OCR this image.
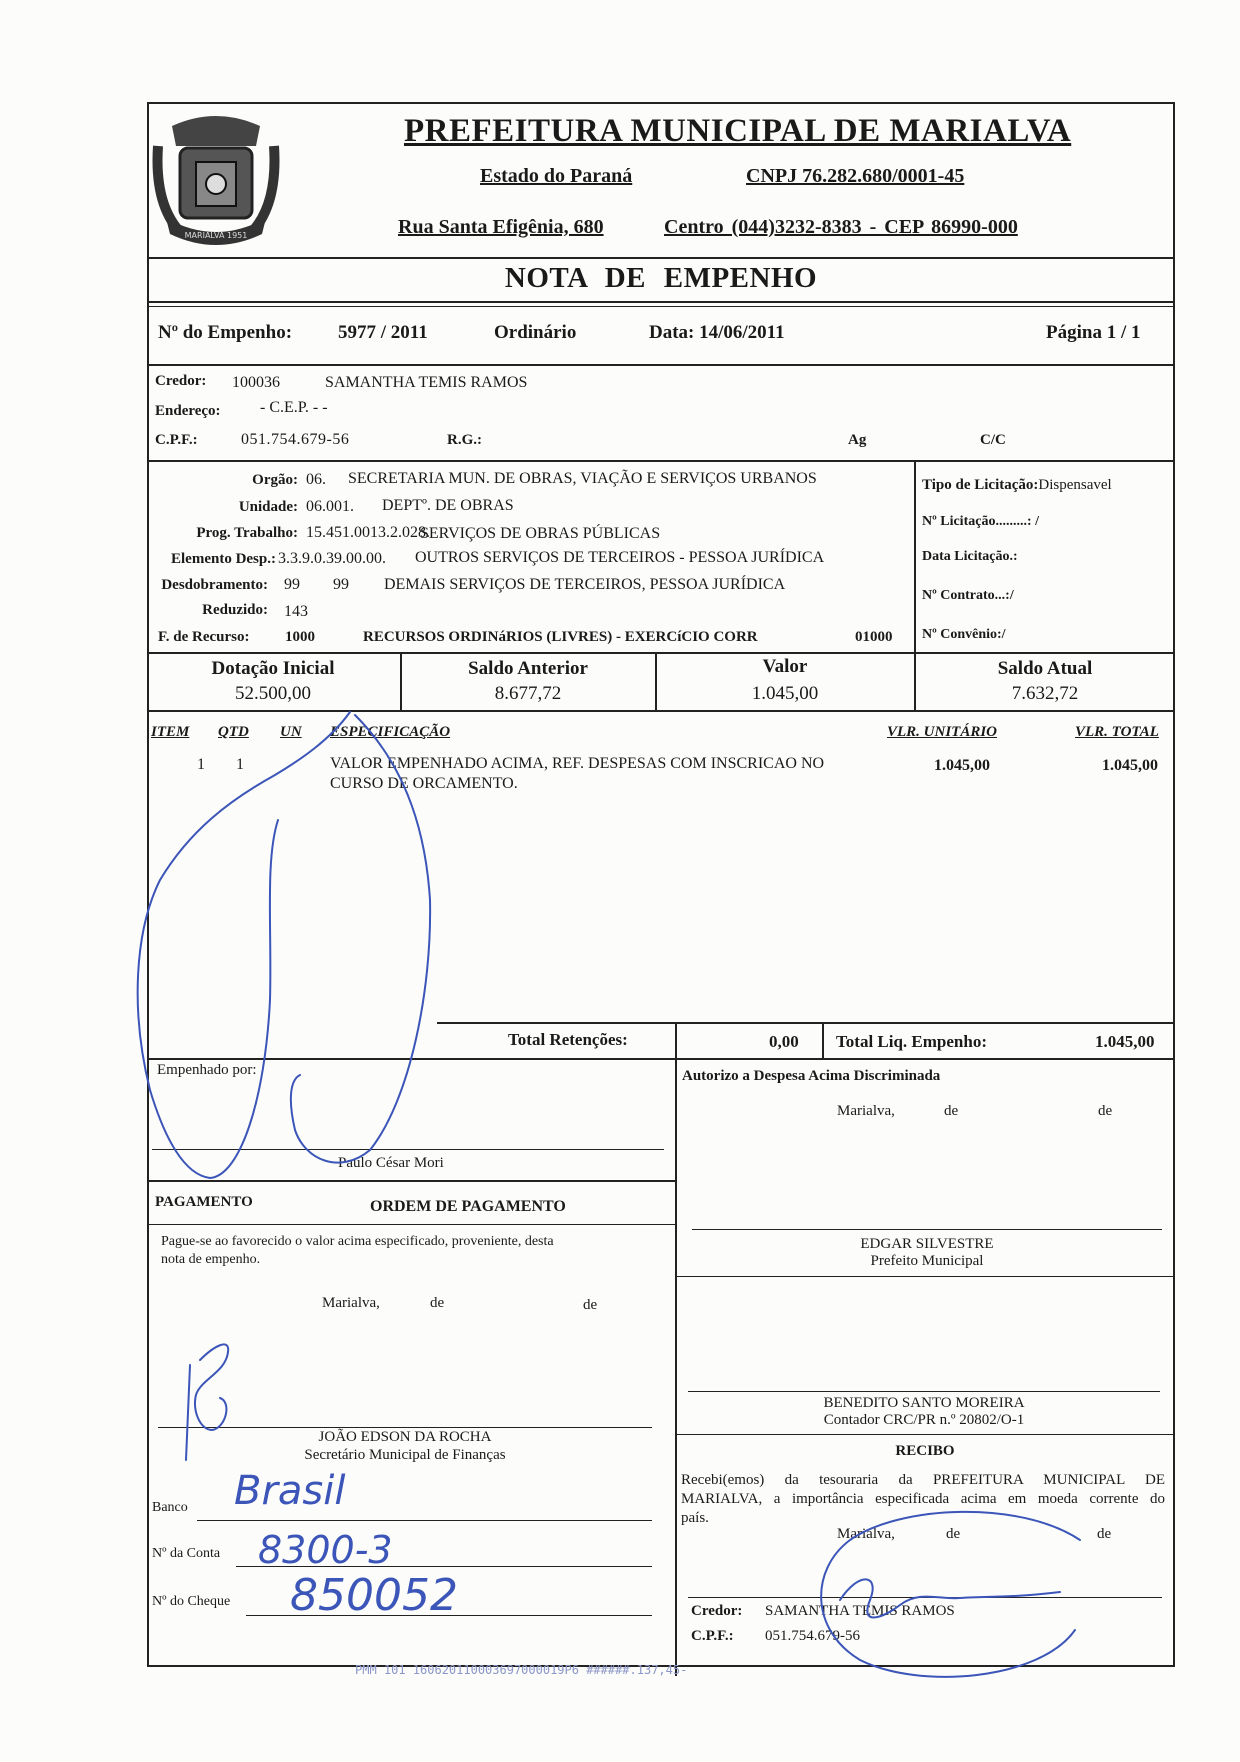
MARIALVA 1951
PREFEITURA MUNICIPAL DE MARIALVA
Estado do Paraná	CNPJ 76.282.680/0001-45
Rua Santa Efigênia, 680	Centro (044)3232-8383 - CEP 86990-000
NOTA DE EMPENHO
Nº do Empenho: 5977 / 2011	Ordinário	Data: 14/06/2011	Página 1 / 1
Credor: 100036	SAMANTHA TEMIS RAMOS
Endereço: - C.E.P. - -
C.P.F.:	051.754.679-56	R.G.:	Ag	C/C
Orgão: 06. SECRETARIA MUN. DE OBRAS, VIAÇÃO E SERVIÇOS URBANOS
Unidade: 06.001. DEPTº. DE OBRAS
Prog. Trabalho: 15.451.0013.2.028.
SERVIÇOS DE OBRAS PÚBLICAS
Elemento Desp.: 3.3.9.0.39.00.00. OUTROS SERVIÇOS DE TERCEIROS - PESSOA JURÍDICA
Desdobramento: 99 99 DEMAIS SERVIÇOS DE TERCEIROS, PESSOA JURÍDICA
Reduzido: 143
F. de Recurso: 1000	RECURSOS ORDINáRIOS (LIVRES) - EXERCíCIO CORR	01000
Tipo de Licitação:Dispensavel
Nº Licitação.........: /
Data Licitação.:
Nº Contrato...:/
Nº Convênio:/
Dotação Inicial
52.500,00
Saldo Anterior
8.677,72
Valor
1.045,00
Saldo Atual
7.632,72
ITEM QTD UN ESPECIFICAÇÃO	VLR. UNITÁRIO	VLR. TOTAL
1 1	VALOR EMPENHADO ACIMA, REF. DESPESAS COM INSCRICAO NO
CURSO DE ORCAMENTO.
1.045,00	1.045,00
Total Retenções:	0,00 Total Liq. Empenho:	1.045,00
Empenhado por:
Paulo César Mori
Autorizo a Despesa Acima Discriminada
Marialva,	de	de
PAGAMENTO	ORDEM DE PAGAMENTO
Pague-se ao favorecido o valor acima especificado, proveniente, desta
nota de empenho.
Marialva,	de	de
JOÃO EDSON DA ROCHA
Secretário Municipal de Finanças
EDGAR SILVESTRE
Prefeito Municipal
BENEDITO SANTO MOREIRA
Contador CRC/PR n.º 20802/O-1
RECIBO
Recebi(emos) da tesouraria da PREFEITURA MUNICIPAL DE
MARIALVA, a importância especificada acima em moeda corrente do
país.
Marialva,	de	de
Credor: SAMANTHA TEMIS RAMOS
C.P.F.: 051.754.679-56
Banco Brasil
Nº da Conta 8300-3
Nº do Cheque 850052
PMM 101 160620110003697000019P6 ######.137,45-
